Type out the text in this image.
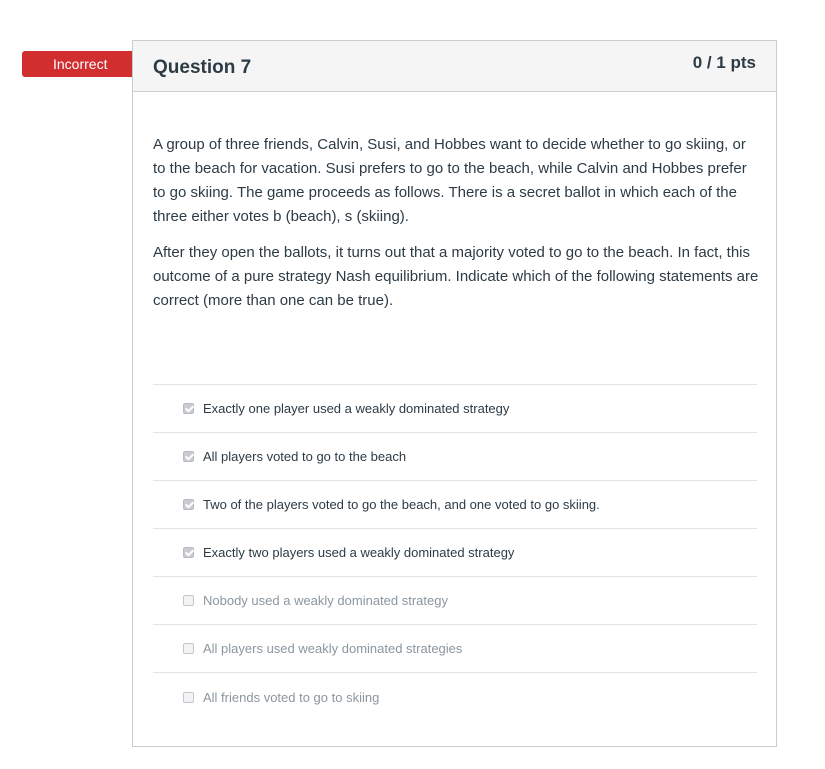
Incorrect Question 7	0 / 1 pts

A group of three friends, Calvin, Susi, and Hobbes want to decide whether to go skiing, or to the beach for vacation. Susi prefers to go to the beach, while Calvin and Hobbes prefer to go skiing. The game proceeds as follows. There is a secret ballot in which each of the three either votes b (beach), s (skiing).

After they open the ballots, it turns out that a majority voted to go to the beach. In fact, this outcome of a pure strategy Nash equilibrium. Indicate which of the following statements are correct (more than one can be true).

Exactly one player used a weakly dominated strategy
All players voted to go to the beach
Two of the players voted to go the beach, and one voted to go skiing.
Exactly two players used a weakly dominated strategy
Nobody used a weakly dominated strategy
All players used weakly dominated strategies
All friends voted to go to skiing
